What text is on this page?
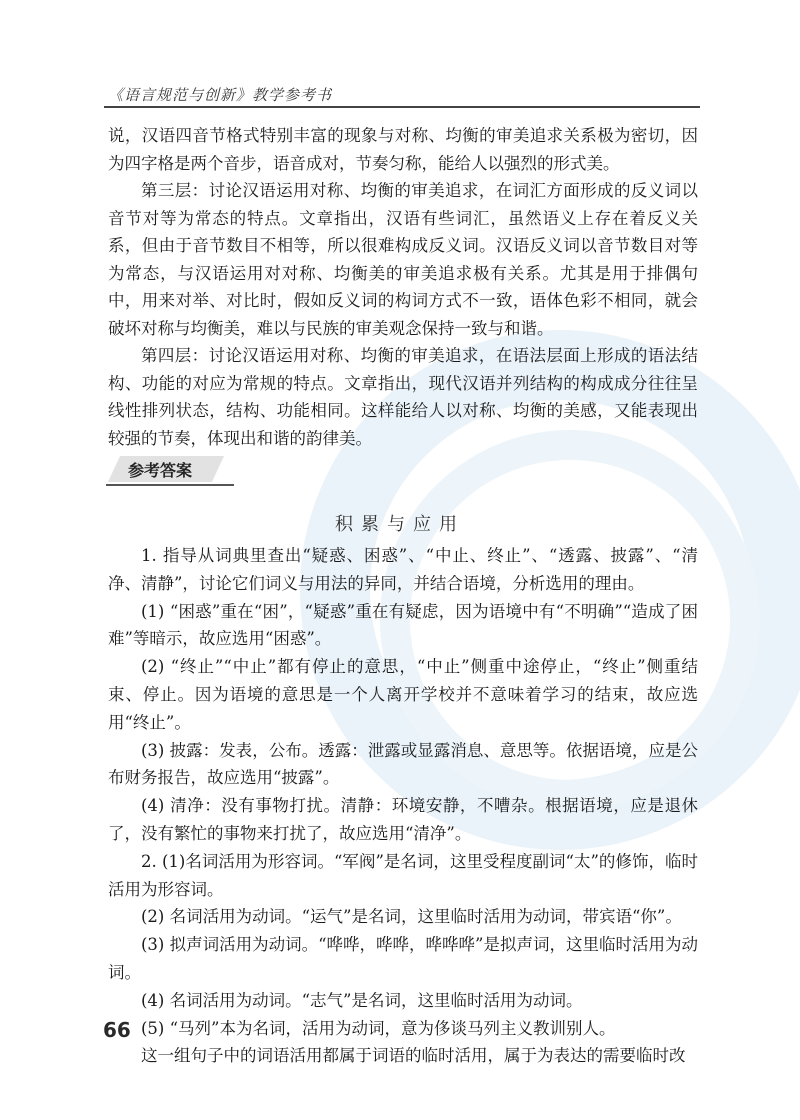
《语言规范与创新》教学参考书

说，汉语四音节格式特别丰富的现象与对称、均衡的审美追求关系极为密切，因为四字格是两个音步，语音成对，节奏匀称，能给人以强烈的形式美。

第三层：讨论汉语运用对称、均衡的审美追求，在词汇方面形成的反义词以音节对等为常态的特点。文章指出，汉语有些词汇，虽然语义上存在着反义关系，但由于音节数目不相等，所以很难构成反义词。汉语反义词以音节数目对等为常态，与汉语运用对对称、均衡美的审美追求极有关系。尤其是用于排偶句中，用来对举、对比时，假如反义词的构词方式不一致，语体色彩不相同，就会破坏对称与均衡美，难以与民族的审美观念保持一致与和谐。

第四层：讨论汉语运用对称、均衡的审美追求，在语法层面上形成的语法结构、功能的对应为常规的特点。文章指出，现代汉语并列结构的构成成分往往呈线性排列状态，结构、功能相同。这样能给人以对称、均衡的美感，又能表现出较强的节奏，体现出和谐的韵律美。

参考答案
积累与应用

1. 指导从词典里查出“疑惑、困惑”、“中止、终止”、“透露、披露”、“清净、清静”，讨论它们词义与用法的异同，并结合语境，分析选用的理由。

(1) “困惑”重在“困”，“疑惑”重在有疑虑，因为语境中有“不明确”“造成了困难”等暗示，故应选用“困惑”。

(2) “终止”“中止”都有停止的意思，“中止”侧重中途停止，“终止”侧重结束、停止。因为语境的意思是一个人离开学校并不意味着学习的结束，故应选用“终止”。

(3) 披露：发表，公布。透露：泄露或显露消息、意思等。依据语境，应是公布财务报告，故应选用“披露”。

(4) 清净：没有事物打扰。清静：环境安静，不嘈杂。根据语境，应是退休了，没有繁忙的事物来打扰了，故应选用“清净”。

2. (1)名词活用为形容词。“军阀”是名词，这里受程度副词“太”的修饰，临时活用为形容词。

(2) 名词活用为动词。“运气”是名词，这里临时活用为动词，带宾语“你”。

(3) 拟声词活用为动词。“哗哗，哗哗，哗哗哗”是拟声词，这里临时活用为动词。

(4) 名词活用为动词。“志气”是名词，这里临时活用为动词。

(5) “马列”本为名词，活用为动词，意为侈谈马列主义教训别人。

这一组句子中的词语活用都属于词语的临时活用，属于为表达的需要临时改

66
